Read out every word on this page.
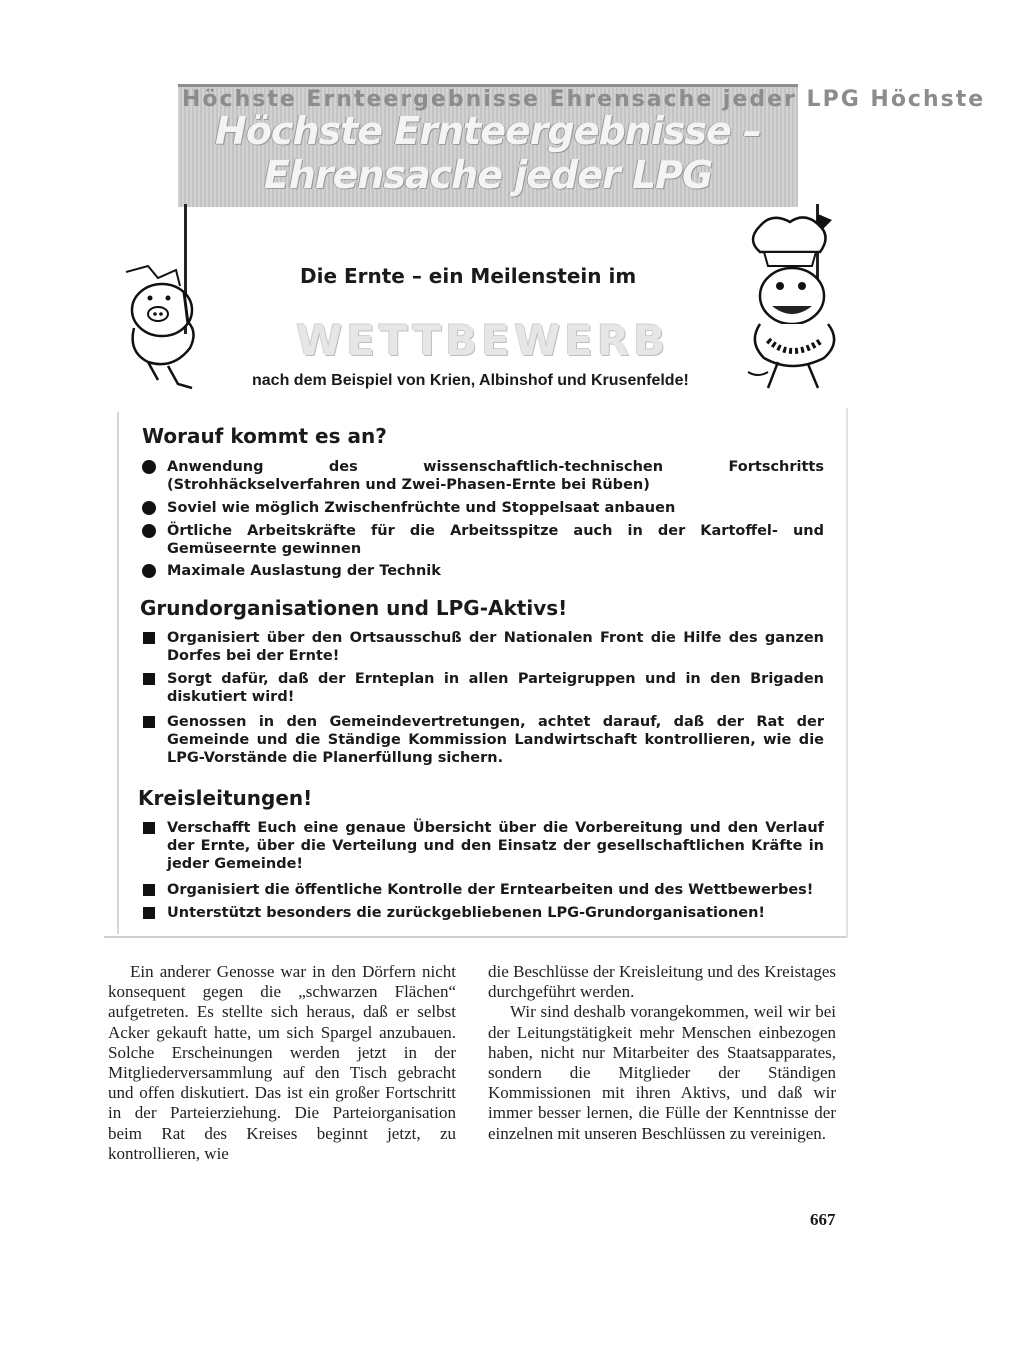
Höchste Ernteergebnisse Ehrensache jeder LPG Höchste
Höchste Ernteergebnisse –
Ehrensache jeder LPG
Die Ernte – ein Meilenstein im
WETTBEWERB
nach dem Beispiel von Krien, Albinshof und Krusenfelde!
Worauf kommt es an?
Anwendung des wissenschaftlich-technischen Fortschritts (Strohhäckselverfahren und Zwei-Phasen-Ernte bei Rüben)
Soviel wie möglich Zwischenfrüchte und Stoppelsaat anbauen
Örtliche Arbeitskräfte für die Arbeitsspitze auch in der Kartoffel- und Gemüseernte gewinnen
Maximale Auslastung der Technik
Grundorganisationen und LPG-Aktivs!
Organisiert über den Ortsausschuß der Nationalen Front die Hilfe des ganzen Dorfes bei der Ernte!
Sorgt dafür, daß der Ernteplan in allen Parteigruppen und in den Brigaden diskutiert wird!
Genossen in den Gemeindevertretungen, achtet darauf, daß der Rat der Gemeinde und die Ständige Kommission Landwirtschaft kontrollieren, wie die LPG-Vorstände die Planerfüllung sichern.
Kreisleitungen!
Verschafft Euch eine genaue Übersicht über die Vorbereitung und den Verlauf der Ernte, über die Verteilung und den Einsatz der gesellschaftlichen Kräfte in jeder Gemeinde!
Organisiert die öffentliche Kontrolle der Erntearbeiten und des Wettbewerbes!
Unterstützt besonders die zurückgebliebenen LPG-Grundorganisationen!

Ein anderer Genosse war in den Dörfern nicht konsequent gegen die „schwarzen Flächen“ aufgetreten. Es stellte sich heraus, daß er selbst Acker gekauft hatte, um sich Spargel anzubauen. Solche Erscheinungen werden jetzt in der Mitgliederversammlung auf den Tisch gebracht und offen diskutiert. Das ist ein großer Fortschritt in der Parteierziehung. Die Parteiorganisation beim Rat des Kreises beginnt jetzt, zu kontrollieren, wie

die Beschlüsse der Kreisleitung und des Kreistages durchgeführt werden.

Wir sind deshalb vorangekommen, weil wir bei der Leitungstätigkeit mehr Menschen einbezogen haben, nicht nur Mitarbeiter des Staatsapparates, sondern die Mitglieder der Ständigen Kommissionen mit ihren Aktivs, und daß wir immer besser lernen, die Fülle der Kenntnisse der einzelnen mit unseren Beschlüssen zu vereinigen.

667
